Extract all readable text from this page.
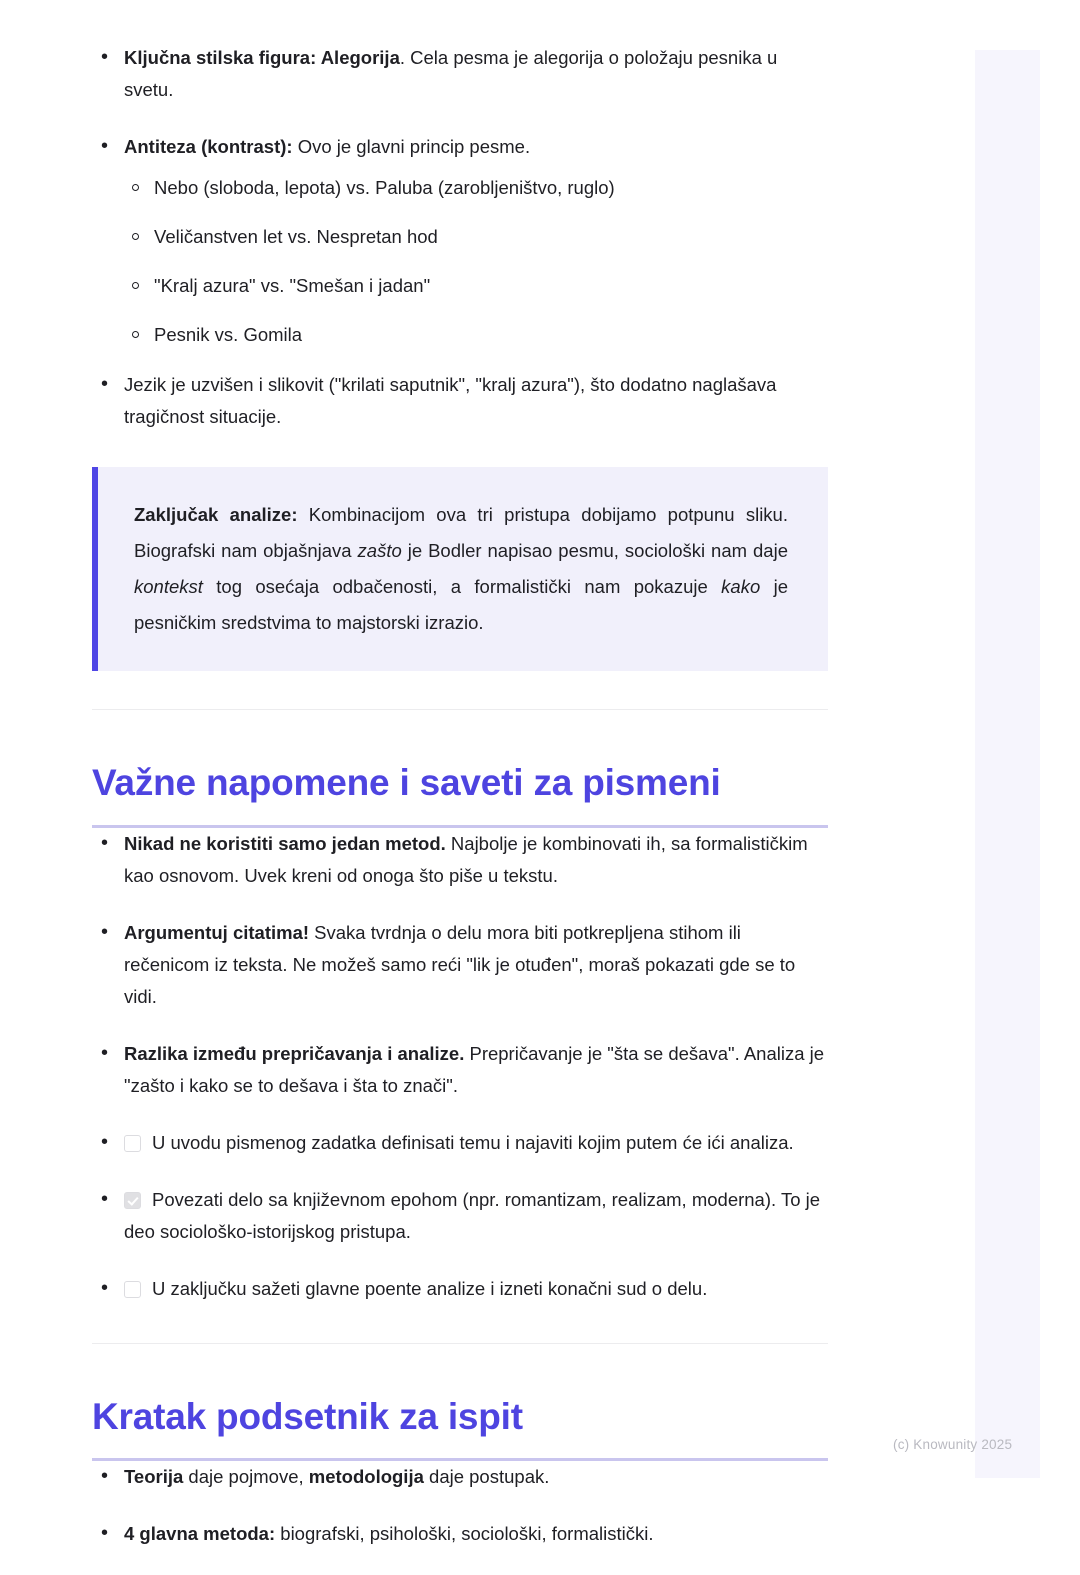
• Ključna stilska figura: Alegorija. Cela pesma je alegorija o položaju pesnika u svetu.
• Antiteza (kontrast): Ovo je glavni princip pesme.
Nebo (sloboda, lepota) vs. Paluba (zarobljeništvo, ruglo)
Veličanstven let vs. Nespretan hod
"Kralj azura" vs. "Smešan i jadan"
Pesnik vs. Gomila
• Jezik je uzvišen i slikovit ("krilati saputnik", "kralj azura"), što dodatno naglašava tragičnost situacije.
Zaključak analize: Kombinacijom ova tri pristupa dobijamo potpunu sliku. Biografski nam objašnjava zašto je Bodler napisao pesmu, sociološki nam daje kontekst tog osećaja odbačenosti, a formalistički nam pokazuje kako je pesničkim sredstvima to majstorski izrazio.
Važne napomene i saveti za pismeni
• Nikad ne koristiti samo jedan metod. Najbolje je kombinovati ih, sa formalističkim kao osnovom. Uvek kreni od onoga što piše u tekstu.
• Argumentuj citatima! Svaka tvrdnja o delu mora biti potkrepljena stihom ili rečenicom iz teksta. Ne možeš samo reći "lik je otuđen", moraš pokazati gde se to vidi.
• Razlika između prepričavanja i analize. Prepričavanje je "šta se dešava". Analiza je "zašto i kako se to dešava i šta to znači".
• U uvodu pismenog zadatka definisati temu i najaviti kojim putem će ići analiza.
• Povezati delo sa književnom epohom (npr. romantizam, realizam, moderna). To je deo sociološko-istorijskog pristupa.
• U zaključku sažeti glavne poente analize i izneti konačni sud o delu.
Kratak podsetnik za ispit
• Teorija daje pojmove, metodologija daje postupak.
• 4 glavna metoda: biografski, psihološki, sociološki, formalistički.
(c) Knowunity 2025
